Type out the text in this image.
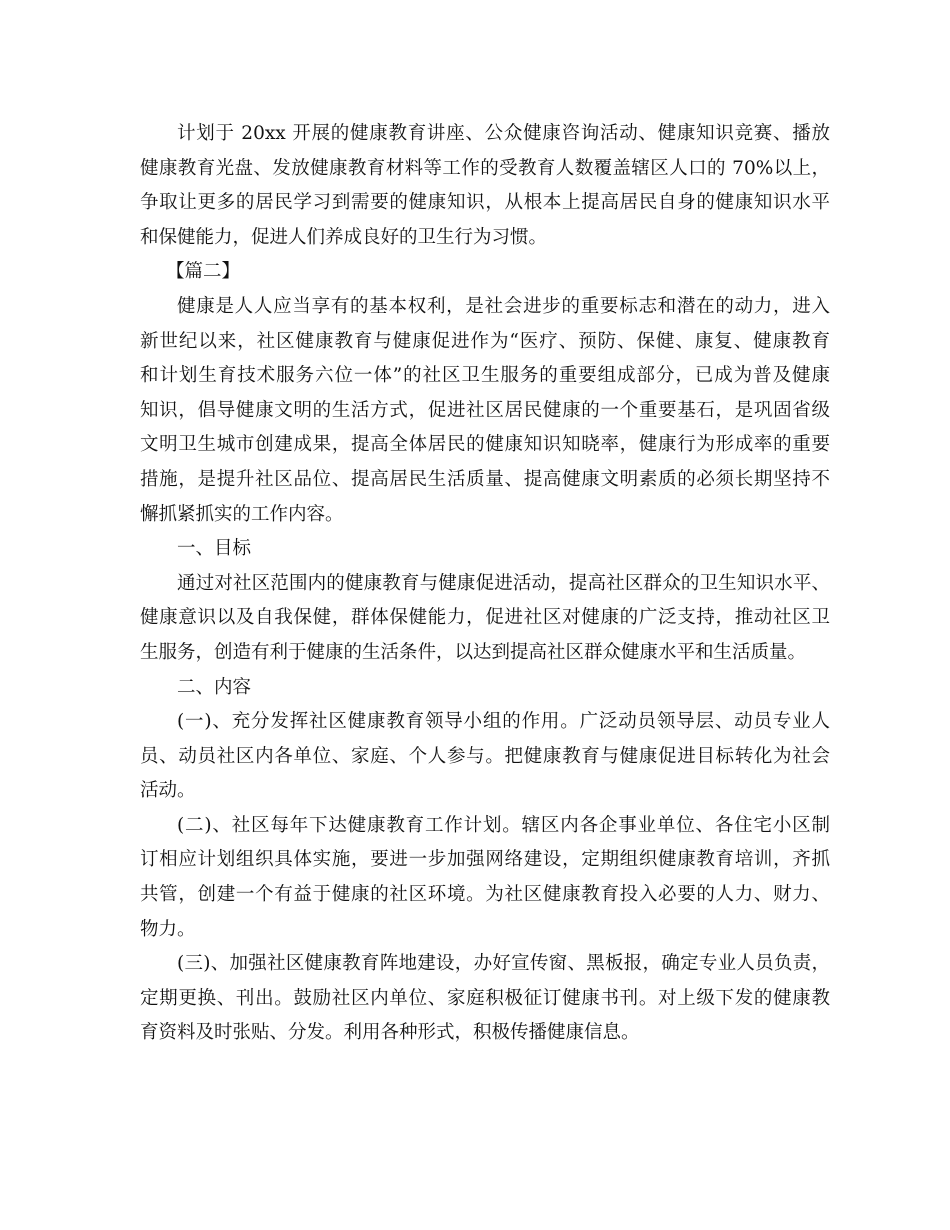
计划于 20xx 开展的健康教育讲座、公众健康咨询活动、健康知识竞赛、播放
健康教育光盘、发放健康教育材料等工作的受教育人数覆盖辖区人口的 70%以上，
争取让更多的居民学习到需要的健康知识，从根本上提高居民自身的健康知识水平
和保健能力，促进人们养成良好的卫生行为习惯。
【篇二】
健康是人人应当享有的基本权利，是社会进步的重要标志和潜在的动力，进入
新世纪以来，社区健康教育与健康促进作为“医疗、预防、保健、康复、健康教育
和计划生育技术服务六位一体”的社区卫生服务的重要组成部分，已成为普及健康
知识，倡导健康文明的生活方式，促进社区居民健康的一个重要基石，是巩固省级
文明卫生城市创建成果，提高全体居民的健康知识知晓率，健康行为形成率的重要
措施，是提升社区品位、提高居民生活质量、提高健康文明素质的必须长期坚持不
懈抓紧抓实的工作内容。
一、目标
通过对社区范围内的健康教育与健康促进活动，提高社区群众的卫生知识水平、
健康意识以及自我保健，群体保健能力，促进社区对健康的广泛支持，推动社区卫
生服务，创造有利于健康的生活条件，以达到提高社区群众健康水平和生活质量。
二、内容
(一)、充分发挥社区健康教育领导小组的作用。广泛动员领导层、动员专业人
员、动员社区内各单位、家庭、个人参与。把健康教育与健康促进目标转化为社会
活动。
(二)、社区每年下达健康教育工作计划。辖区内各企事业单位、各住宅小区制
订相应计划组织具体实施，要进一步加强网络建设，定期组织健康教育培训，齐抓
共管，创建一个有益于健康的社区环境。为社区健康教育投入必要的人力、财力、
物力。
(三)、加强社区健康教育阵地建设，办好宣传窗、黑板报，确定专业人员负责，
定期更换、刊出。鼓励社区内单位、家庭积极征订健康书刊。对上级下发的健康教
育资料及时张贴、分发。利用各种形式，积极传播健康信息。
